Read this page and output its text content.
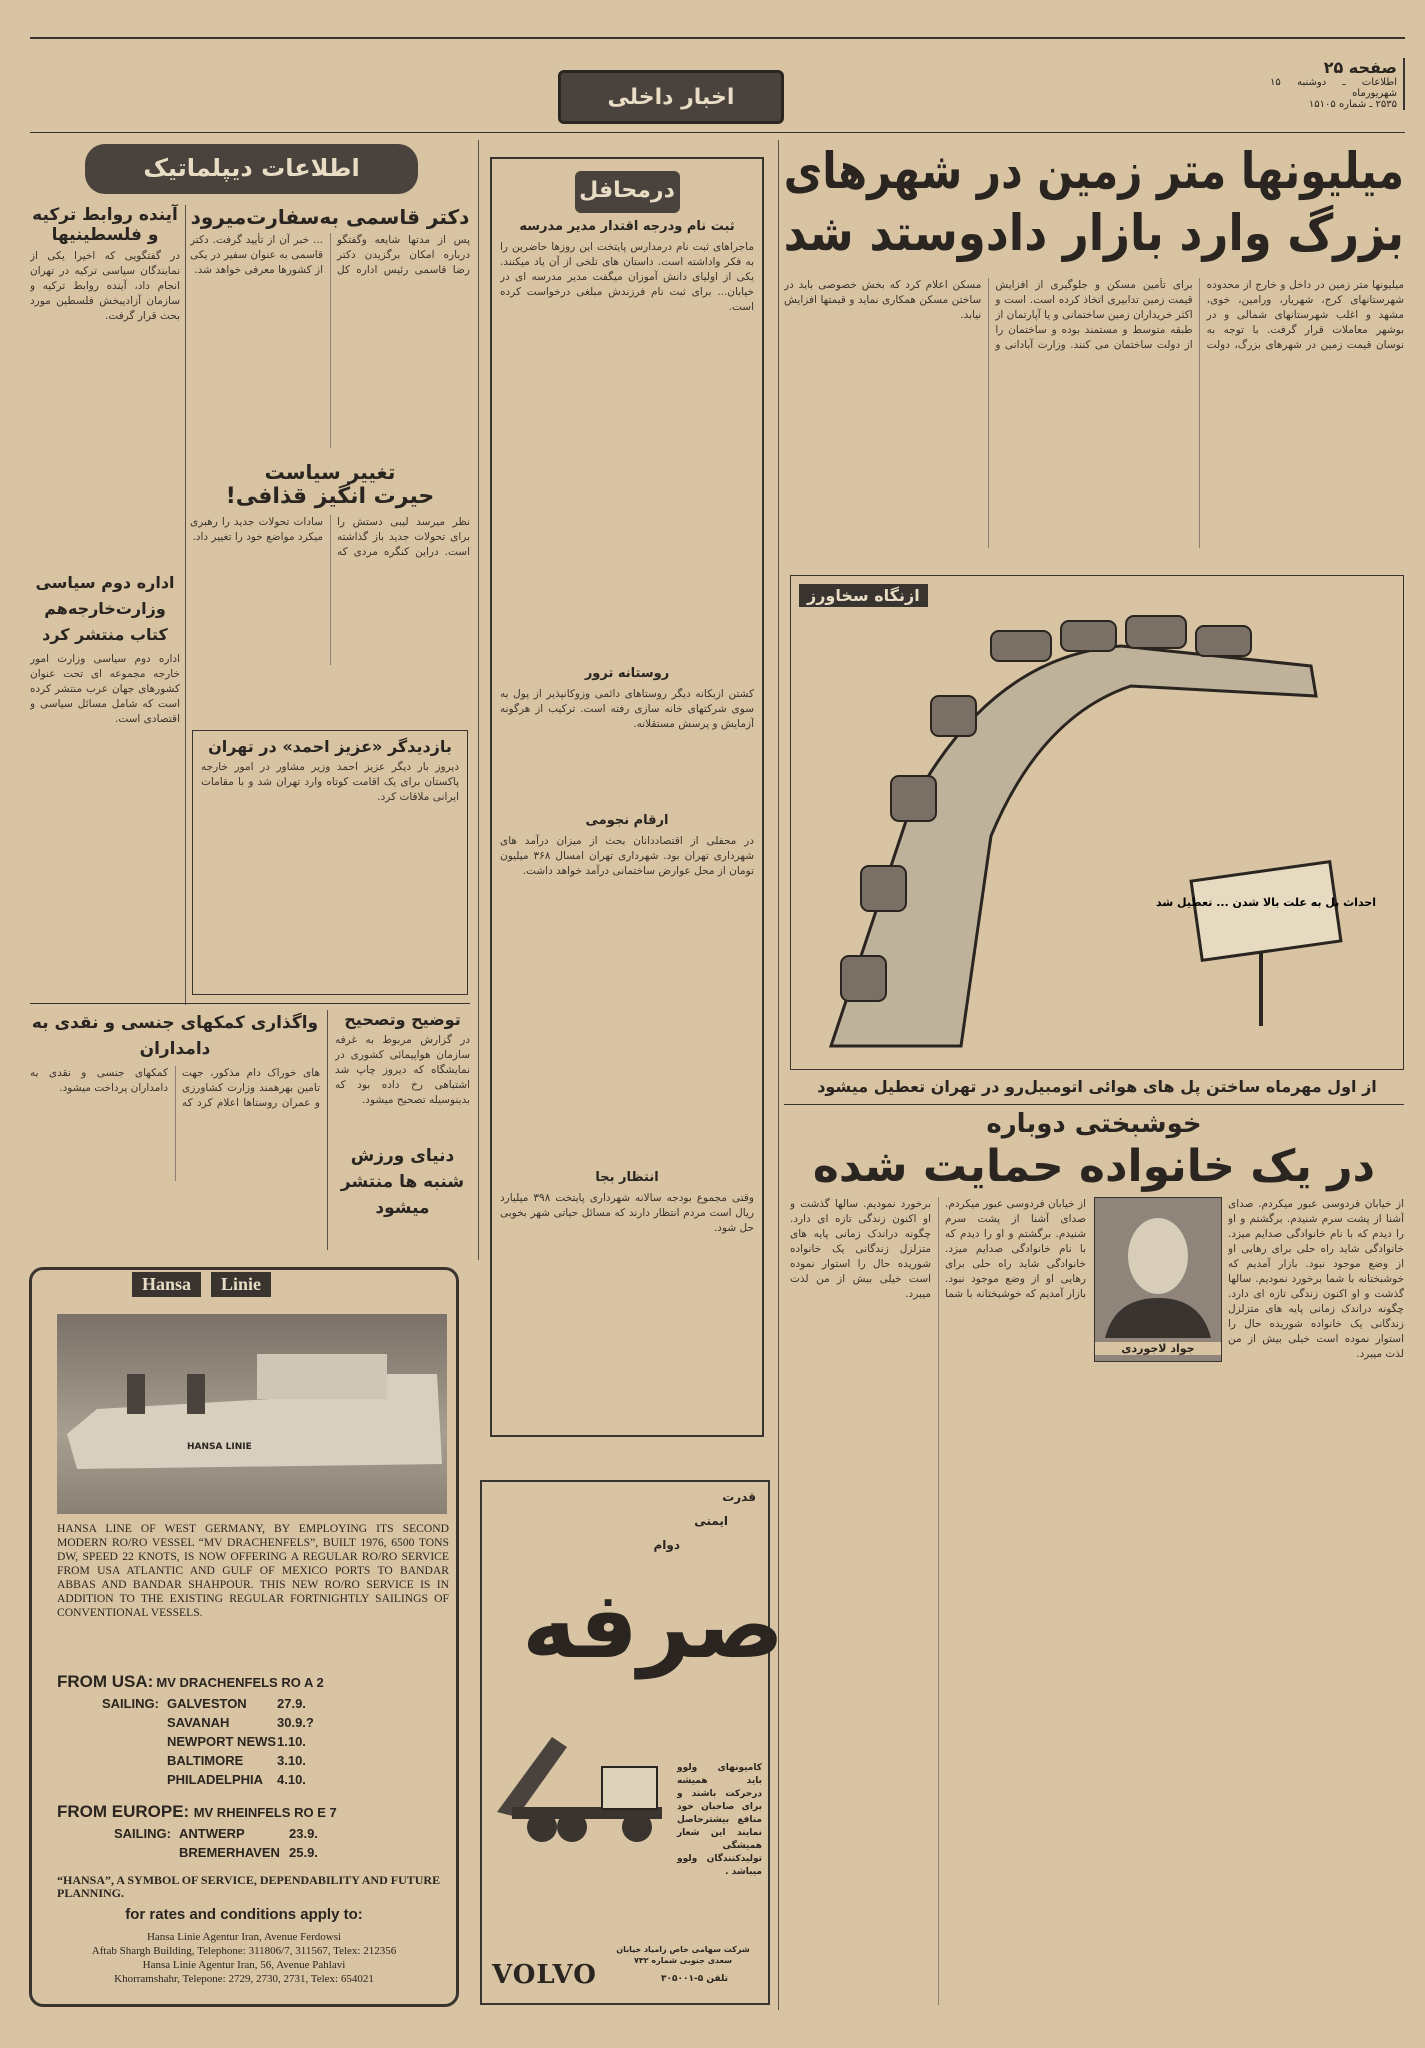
اخبار داخلی
صفحه ۲۵
اطلاعات ـ دوشنبه ۱۵ شهریورماه
۲۵۳۵ ـ شماره ۱۵۱۰۵
میلیونها متر زمین در شهرهای
بزرگ وارد بازار دادوستد شد
میلیونها متر زمین در داخل و خارج از محدوده شهرستانهای کرج، شهریار، ورامین، خوی، مشهد و اغلب شهرستانهای شمالی و در بوشهر معاملات قرار گرفت. با توجه به نوسان قیمت زمین در شهرهای بزرگ، دولت برای تأمین مسکن و جلوگیری از افزایش قیمت زمین تدابیری اتخاذ کرده است. است و اکثر خریداران زمین ساختمانی و یا آپارتمان از طبقه متوسط و مستمند بوده و ساختمان را از دولت ساختمان می کنند. وزارت آبادانی و مسکن اعلام کرد که بخش خصوصی باید در ساختن مسکن همکاری نماید و قیمتها افزایش نیابد.
ازنگاه سخاورز
احداث پل به علت بالا شدن ... تعطیل شد
از اول مهرماه ساختن پل های هوائی اتومبیل‌رو در تهران تعطیل میشود
خوشبختی دوباره
در یک خانواده حمایت شده
جواد لاجوردی
از خیابان فردوسی عبور میکردم. صدای آشنا از پشت سرم شنیدم. برگشتم و او را دیدم که با نام خانوادگی صدایم میزد. خانوادگی شاید راه حلی برای رهایی او از وضع موجود نبود. بازار آمدیم که خوشبختانه با شما برخورد نمودیم. سالها گذشت و او اکنون زندگی تازه ای دارد. چگونه دراندک زمانی پایه های متزلزل زندگانی یک خانواده شوریده حال را استوار نموده است خیلی بیش از من لذت میبرد.
از خیابان فردوسی عبور میکردم. صدای آشنا از پشت سرم شنیدم. برگشتم و او را دیدم که با نام خانوادگی صدایم میزد. خانوادگی شاید راه حلی برای رهایی او از وضع موجود نبود. بازار آمدیم که خوشبختانه با شما برخورد نمودیم. سالها گذشت و او اکنون زندگی تازه ای دارد. چگونه دراندک زمانی پایه های متزلزل زندگانی یک خانواده شوریده حال را استوار نموده است خیلی بیش از من لذت میبرد.
درمحافل
ثبت نام ودرجه اقتدار مدیر مدرسه
ماجراهای ثبت نام درمدارس پایتخت این روزها حاضرین را به فکر واداشته است. داستان های تلخی از آن یاد میکنند. یکی از اولیای دانش آموزان میگفت مدیر مدرسه ای در خیابان... برای ثبت نام فرزندش مبلغی درخواست کرده است.
روستانه ترور
کشتن ازبکانه دیگر روستاهای دائمی وزوکانپذیر از پول به سوی شرکتهای خانه سازی رفته است. ترکیب از هرگونه آزمایش و پرسش مستقلانه.
ارقام نجومی
در محفلی از اقتصاددانان بحث از میزان درآمد های شهرداری تهران بود. شهرداری تهران امسال ۳۶۸ میلیون تومان از محل عوارض ساختمانی درآمد خواهد داشت.
انتظار بجا
وقتی مجموع بودجه سالانه شهرداری پایتخت ۳۹۸ میلیارد ریال است مردم انتظار دارند که مسائل حیاتی شهر بخوبی حل شود.
قدرت
ایمنی
دوام
صرفه
کامیونهای ولوو باید همیشه درحرکت باشند و برای صاحبان خود منافع بیشترحاصل نمایند این شعار همیشگی تولیدکنندگان ولوو میباشد .
VOLVO
شرکت سهامی خاص زامیاد خیابان سعدی جنوبی شماره ۷۳۲
تلفن ۵-۳۰۵۰۰۱
اطلاعات دیپلماتیک
دکتر قاسمی به‌سفارت‌میرود
پس از مدتها شایعه وگفتگو درباره امکان برگزیدن دکتر رضا قاسمی رئیس اداره کل ... خبر آن از تأیید گرفت. دکتر قاسمی به عنوان سفیر در یکی از کشورها معرفی خواهد شد.
آینده روابط ترکیه و فلسطینیها
در گفتگویی که اخیرا یکی از نمایندگان سیاسی ترکیه در تهران انجام داد، آینده روابط ترکیه و سازمان آزادیبخش فلسطین مورد بحث قرار گرفت.
تغییر سیاست
حیرت انگیز قذافی!
نظر میرسد لیبی دستش را برای تحولات جدید باز گذاشته است. دراین کنگره مردی که سادات تحولات جدید را رهبری میکرد مواضع خود را تغییر داد.
اداره دوم سیاسی وزارت‌خارجه‌هم کتاب منتشر کرد
اداره دوم سیاسی وزارت امور خارجه مجموعه ای تحت عنوان کشورهای جهان عرب منتشر کرده است که شامل مسائل سیاسی و اقتصادی است.
بازدیدگر «عزیز احمد» در تهران
دیروز بار دیگر عزیز احمد وزیر مشاور در امور خارجه پاکستان برای یک اقامت کوتاه وارد تهران شد و با مقامات ایرانی ملاقات کرد.
واگذاری کمکهای جنسی و نقدی به دامداران
های خوراک دام مذکور، جهت تامین بهرهمند وزارت کشاورزی و عمران روستاها اعلام کرد که کمکهای جنسی و نقدی به دامداران پرداخت میشود.
توضیح وتصحیح
در گزارش مربوط به غرفه سازمان هواپیمائی کشوری در نمایشگاه که دیروز چاپ شد اشتباهی رخ داده بود که بدینوسیله تصحیح میشود.
دنیای ورزش شنبه ها منتشر میشود
Hansa	Linie
HANSA LINIE
HANSA LINE OF WEST GERMANY, BY EMPLOYING ITS SECOND MODERN RO/RO VESSEL “MV DRACHENFELS”, BUILT 1976, 6500 TONS DW, SPEED 22 KNOTS, IS NOW OFFERING A REGULAR RO/RO SERVICE FROM USA ATLANTIC AND GULF OF MEXICO PORTS TO BANDAR ABBAS AND BANDAR SHAHPOUR. THIS NEW RO/RO SERVICE IS IN ADDITION TO THE EXISTING REGULAR FORTNIGHTLY SAILINGS OF CONVENTIONAL VESSELS.
FROM USA: MV DRACHENFELS RO A 2
SAILING: GALVESTON	27.9.
SAVANAH	30.9.?
NEWPORT NEWS 1.10.
BALTIMORE	3.10.
PHILADELPHIA	4.10.
FROM EUROPE: MV RHEINFELS RO E 7
SAILING: ANTWERP	23.9.
BREMERHAVEN 25.9.
“HANSA”, A SYMBOL OF SERVICE, DEPENDABILITY AND FUTURE PLANNING.
for rates and conditions apply to:
Hansa Linie Agentur Iran, Avenue Ferdowsi
Aftab Shargh Building, Telephone: 311806/7, 311567, Telex: 212356
Hansa Linie Agentur Iran, 56, Avenue Pahlavi
Khorramshahr, Telepone: 2729, 2730, 2731, Telex: 654021
